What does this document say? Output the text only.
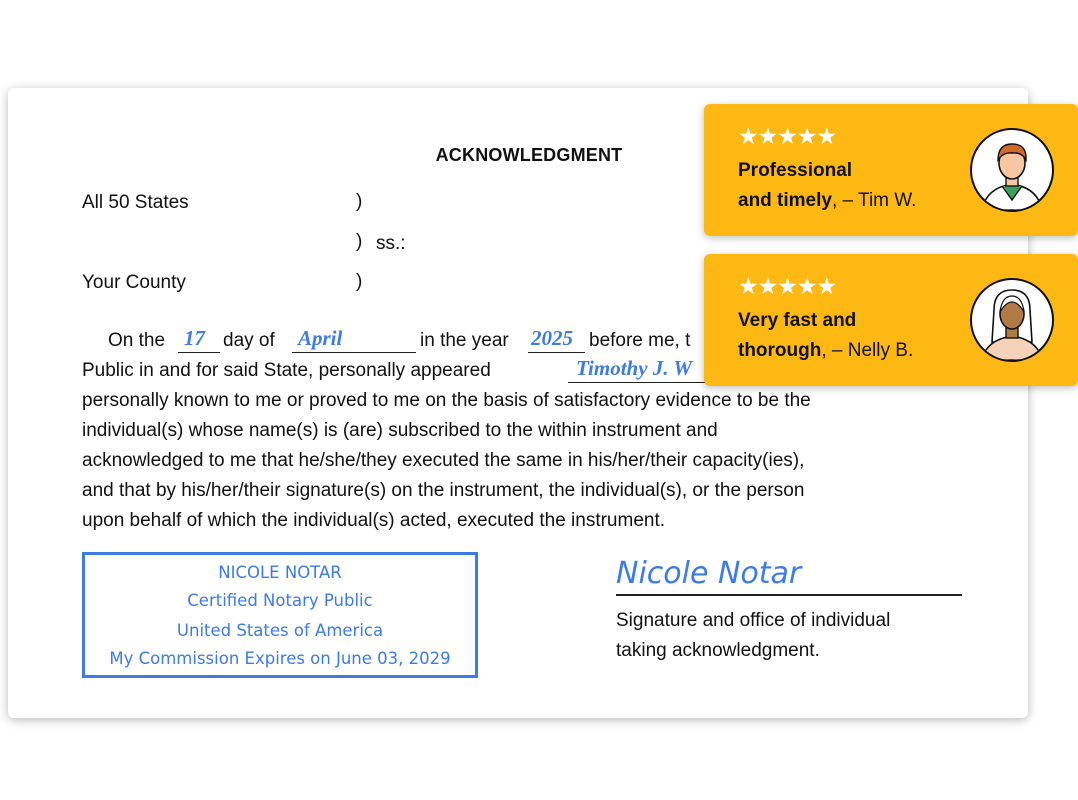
ACKNOWLEDGMENT
All 50 States	)
) ss.:
Your County	)
On the 17 day of April	in the year 2025 before me, t
Public in and for said State, personally appeared	Timothy J. W
personally known to me or proved to me on the basis of satisfactory evidence to be the
individual(s) whose name(s) is (are) subscribed to the within instrument and
acknowledged to me that he/she/they executed the same in his/her/their capacity(ies),
and that by his/her/their signature(s) on the instrument, the individual(s), or the person
upon behalf of which the individual(s) acted, executed the instrument.
NICOLE NOTAR
Certified Notary Public
United States of America
My Commission Expires on June 03, 2029
Nicole Notar
Signature and office of individual
taking acknowledgment.
★★★★★
Professional
and timely, – Tim W.
★★★★★
Very fast and
thorough, – Nelly B.
